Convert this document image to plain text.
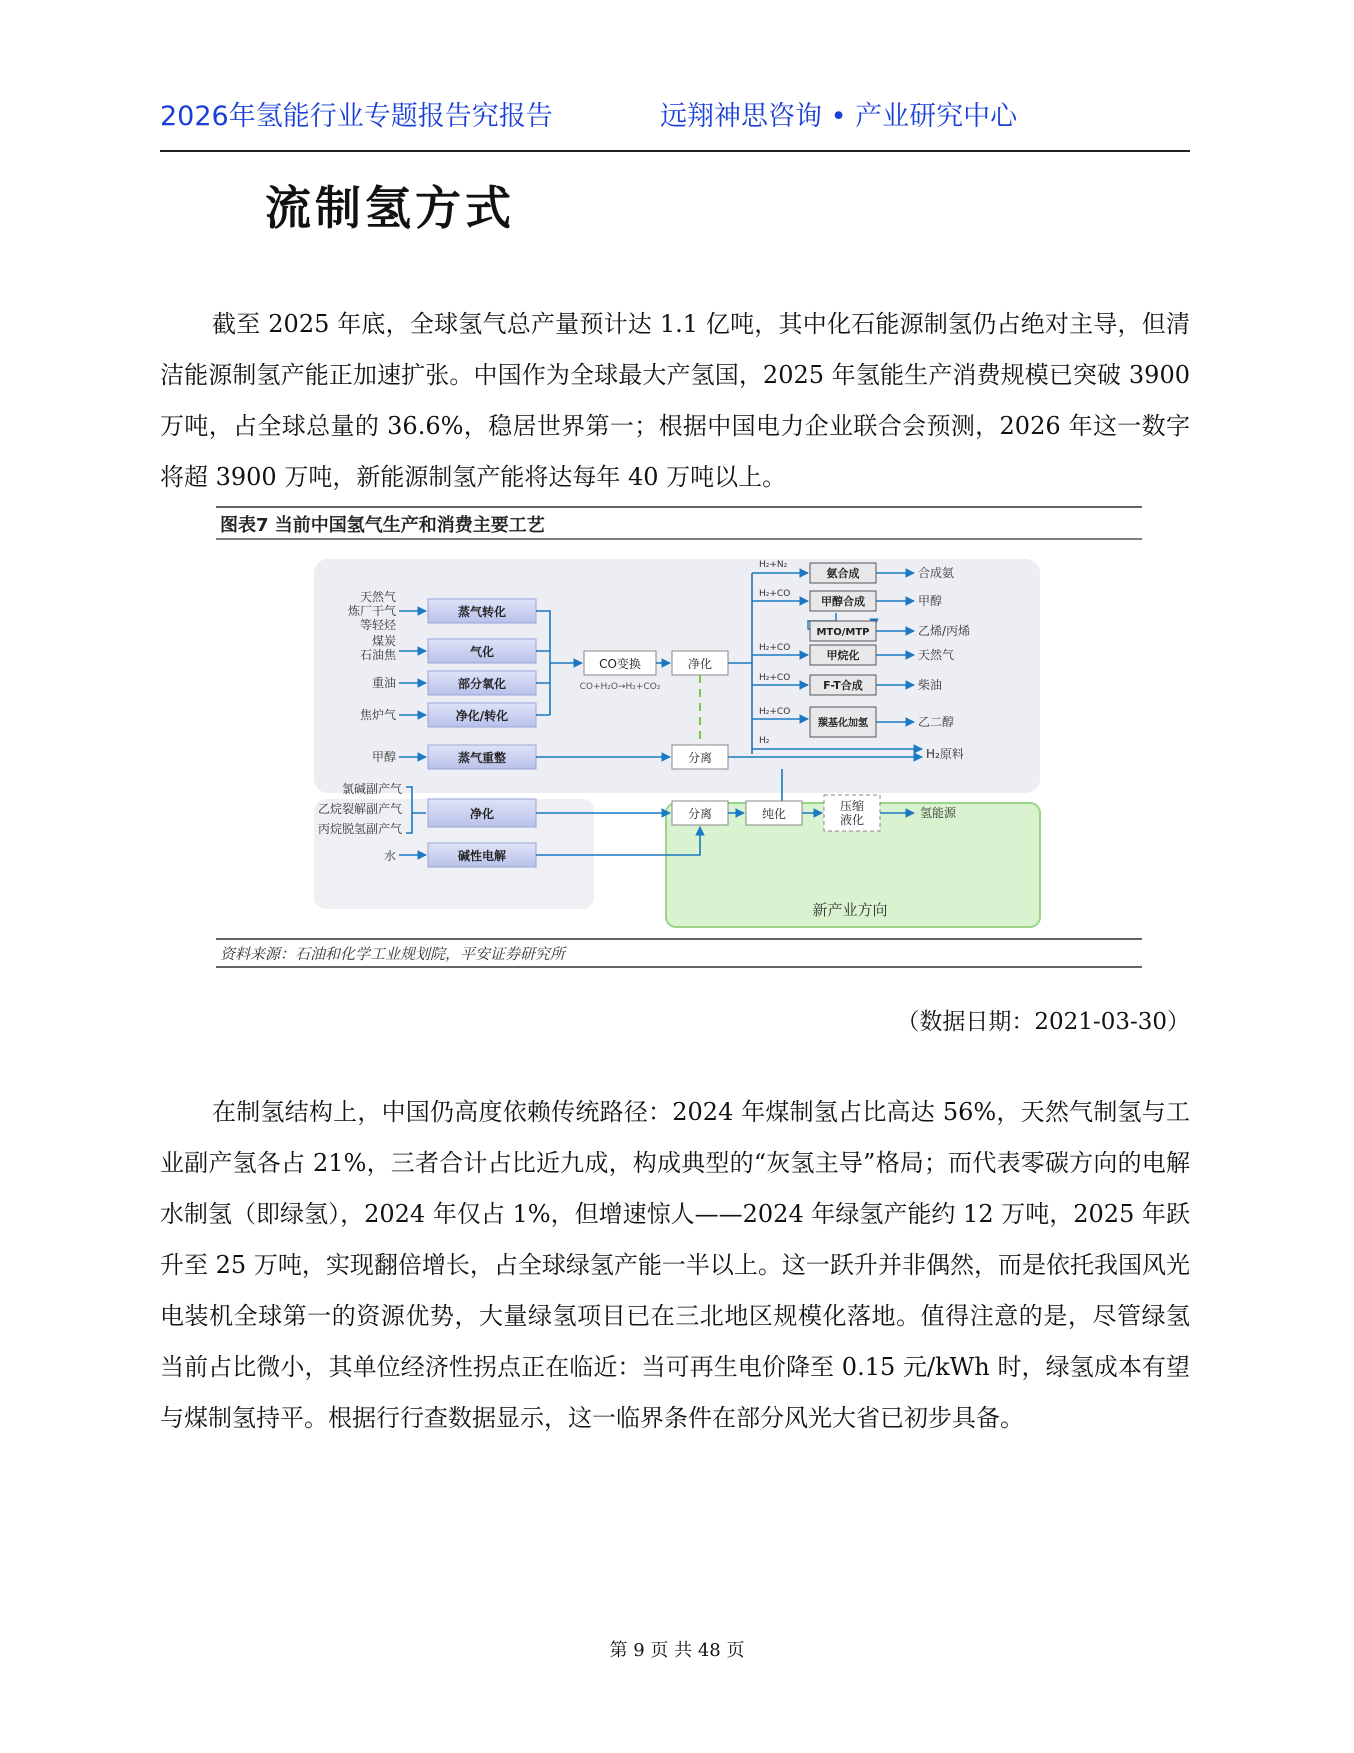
2026年氢能行业专题报告究报告	远翔神思咨询 • 产业研究中心
流制氢方式

截至 2025 年底，全球氢气总产量预计达 1.1 亿吨，其中化石能源制氢仍占绝对主导，但清洁能源制氢产能正加速扩张。中国作为全球最大产氢国，2025 年氢能生产消费规模已突破 3900 万吨，占全球总量的 36.6%，稳居世界第一；根据中国电力企业联合会预测，2026 年这一数字将超 3900 万吨，新能源制氢产能将达每年 40 万吨以上。

图表7 当前中国氢气生产和消费主要工艺
新产业方向
天然气
炼厂干气
等轻烃
煤炭
石油焦
重油
焦炉气
甲醇
氯碱副产气
乙烷裂解副产气
丙烷脱氢副产气
水
蒸气转化
气化
部分氧化
净化/转化
蒸气重整
净化
碱性电解
CO变换
CO+H₂O→H₂+CO₂
净化
H₂+N₂
H₂+CO
H₂+CO
H₂+CO
H₂+CO
H₂
氨合成
甲醇合成
MTO/MTP
甲烷化
F-T合成
羰基化加氢
合成氨
甲醇
乙烯/丙烯
天然气
柴油
乙二醇
H₂原料
分离
分离	纯化
压缩
液化	氢能源
资料来源：石油和化学工业规划院，平安证券研究所
（数据日期：2021-03-30）

在制氢结构上，中国仍高度依赖传统路径：2024 年煤制氢占比高达 56%，天然气制氢与工业副产氢各占 21%，三者合计占比近九成，构成典型的“灰氢主导”格局；而代表零碳方向的电解水制氢（即绿氢），2024 年仅占 1%，但增速惊人——2024 年绿氢产能约 12 万吨，2025 年跃升至 25 万吨，实现翻倍增长，占全球绿氢产能一半以上。这一跃升并非偶然，而是依托我国风光电装机全球第一的资源优势，大量绿氢项目已在三北地区规模化落地。值得注意的是，尽管绿氢当前占比微小，其单位经济性拐点正在临近：当可再生电价降至 0.15 元/kWh 时，绿氢成本有望与煤制氢持平。根据行行查数据显示，这一临界条件在部分风光大省已初步具备。

第 9 页 共 48 页
